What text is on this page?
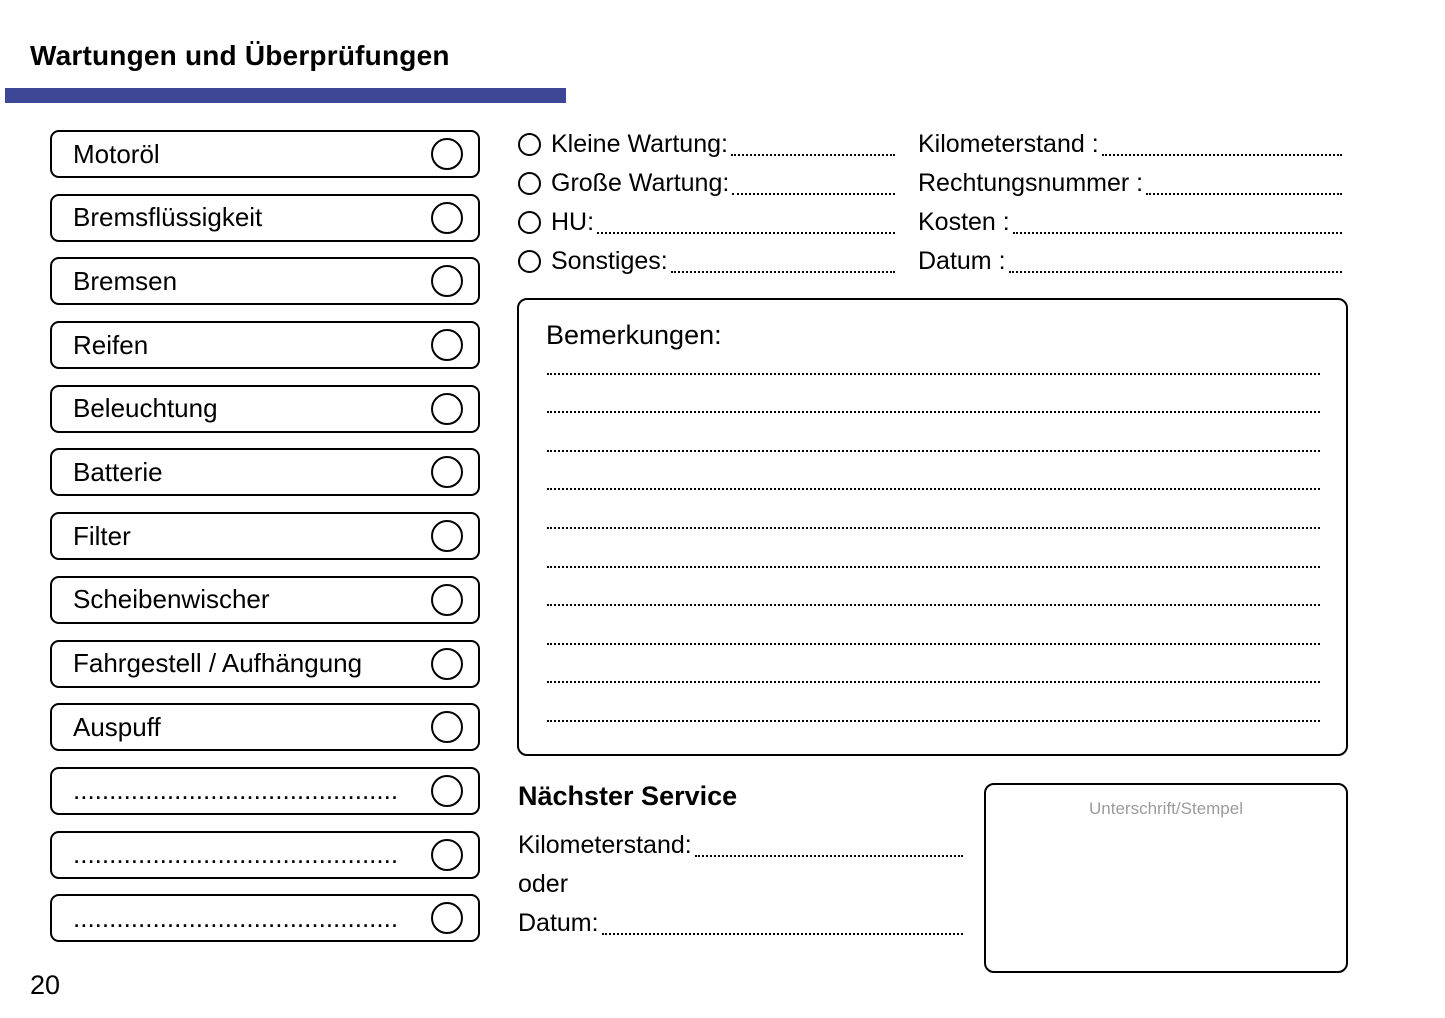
Wartungen und Überprüfungen
Motoröl
Bremsflüssigkeit
Bremsen
Reifen
Beleuchtung
Batterie
Filter
Scheibenwischer
Fahrgestell / Aufhängung
Auspuff
.............................................
.............................................
.............................................
Kleine Wartung:
Große Wartung:
HU:
Sonstiges:
Kilometerstand :
Rechtungsnummer :
Kosten :
Datum :
Bemerkungen:
Nächster Service
Kilometerstand:
oder
Datum:
Unterschrift/Stempel
20
